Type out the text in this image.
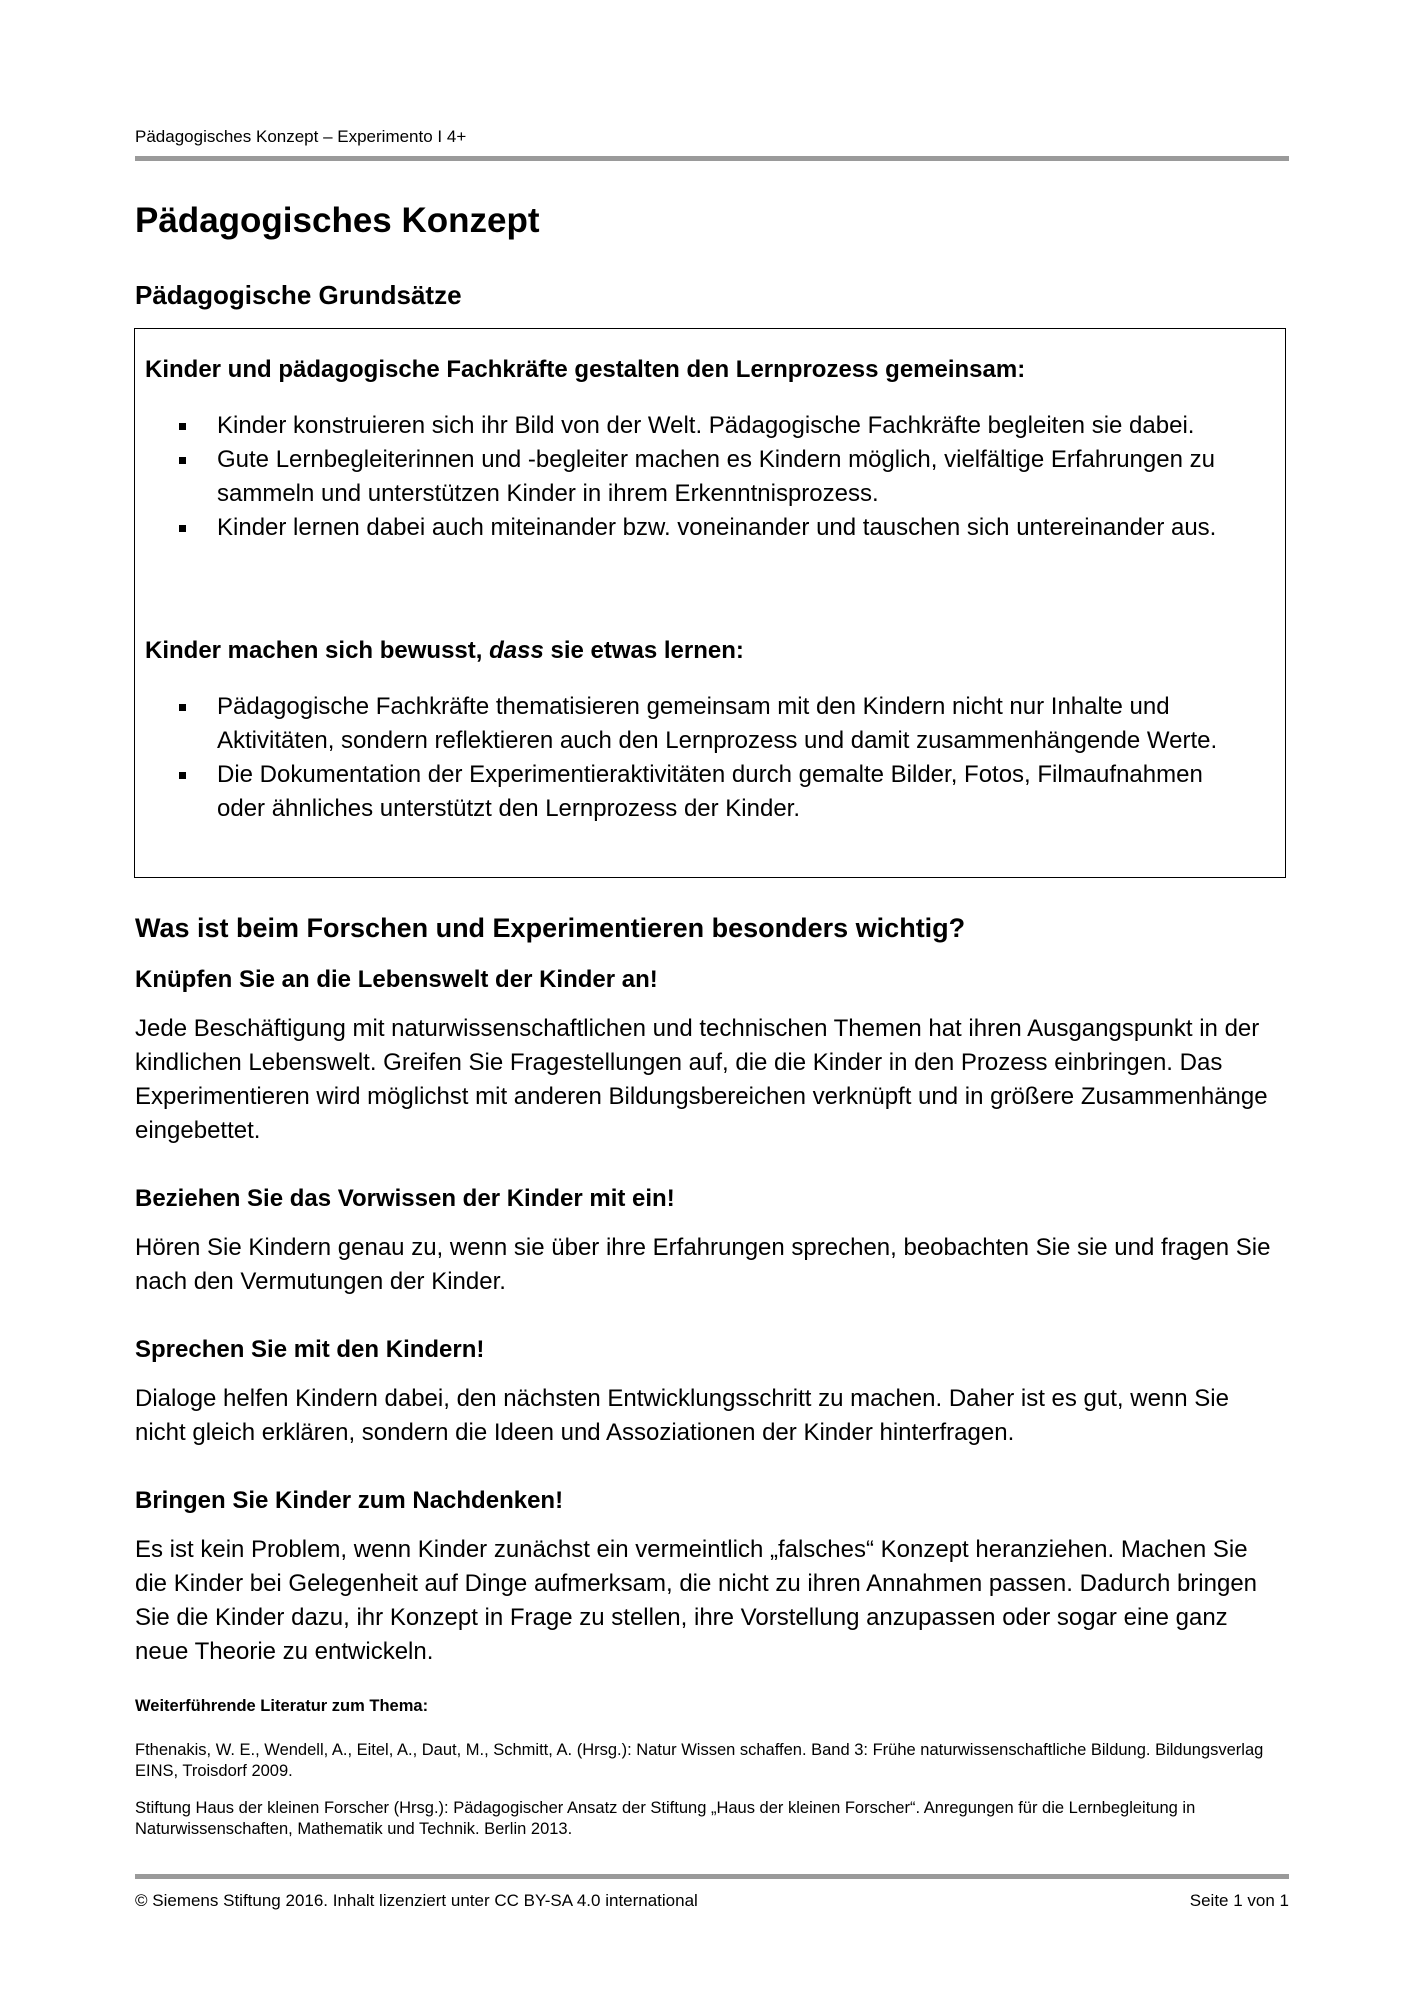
Pädagogisches Konzept – Experimento I 4+
Pädagogisches Konzept
Pädagogische Grundsätze
Kinder und pädagogische Fachkräfte gestalten den Lernprozess gemeinsam:
Kinder konstruieren sich ihr Bild von der Welt. Pädagogische Fachkräfte begleiten sie dabei.
Gute Lernbegleiterinnen und -begleiter machen es Kindern möglich, vielfältige Erfahrungen zu sammeln und unterstützen Kinder in ihrem Erkenntnisprozess.
Kinder lernen dabei auch miteinander bzw. voneinander und tauschen sich untereinander aus.
Kinder machen sich bewusst, dass sie etwas lernen:
Pädagogische Fachkräfte thematisieren gemeinsam mit den Kindern nicht nur Inhalte und Aktivitäten, sondern reflektieren auch den Lernprozess und damit zusammenhängende Werte.
Die Dokumentation der Experimentieraktivitäten durch gemalte Bilder, Fotos, Filmaufnahmen oder ähnliches unterstützt den Lernprozess der Kinder.
Was ist beim Forschen und Experimentieren besonders wichtig?
Knüpfen Sie an die Lebenswelt der Kinder an!

Jede Beschäftigung mit naturwissenschaftlichen und technischen Themen hat ihren Ausgangspunkt in der kindlichen Lebenswelt. Greifen Sie Fragestellungen auf, die die Kinder in den Prozess einbringen. Das Experimentieren wird möglichst mit anderen Bildungsbereichen verknüpft und in größere Zusammenhänge eingebettet.

Beziehen Sie das Vorwissen der Kinder mit ein!

Hören Sie Kindern genau zu, wenn sie über ihre Erfahrungen sprechen, beobachten Sie sie und fragen Sie nach den Vermutungen der Kinder.

Sprechen Sie mit den Kindern!

Dialoge helfen Kindern dabei, den nächsten Entwicklungsschritt zu machen. Daher ist es gut, wenn Sie nicht gleich erklären, sondern die Ideen und Assoziationen der Kinder hinterfragen.

Bringen Sie Kinder zum Nachdenken!

Es ist kein Problem, wenn Kinder zunächst ein vermeintlich „falsches“ Konzept heranziehen. Machen Sie die Kinder bei Gelegenheit auf Dinge aufmerksam, die nicht zu ihren Annahmen passen. Dadurch bringen Sie die Kinder dazu, ihr Konzept in Frage zu stellen, ihre Vorstellung anzupassen oder sogar eine ganz neue Theorie zu entwickeln.

Weiterführende Literatur zum Thema:

Fthenakis, W. E., Wendell, A., Eitel, A., Daut, M., Schmitt, A. (Hrsg.): Natur Wissen schaffen. Band 3: Frühe naturwissenschaftliche Bildung. Bildungsverlag EINS, Troisdorf 2009.

Stiftung Haus der kleinen Forscher (Hrsg.): Pädagogischer Ansatz der Stiftung „Haus der kleinen Forscher“. Anregungen für die Lernbegleitung in Naturwissenschaften, Mathematik und Technik. Berlin 2013.

© Siemens Stiftung 2016. Inhalt lizenziert unter CC BY-SA 4.0 international	Seite 1 von 1
